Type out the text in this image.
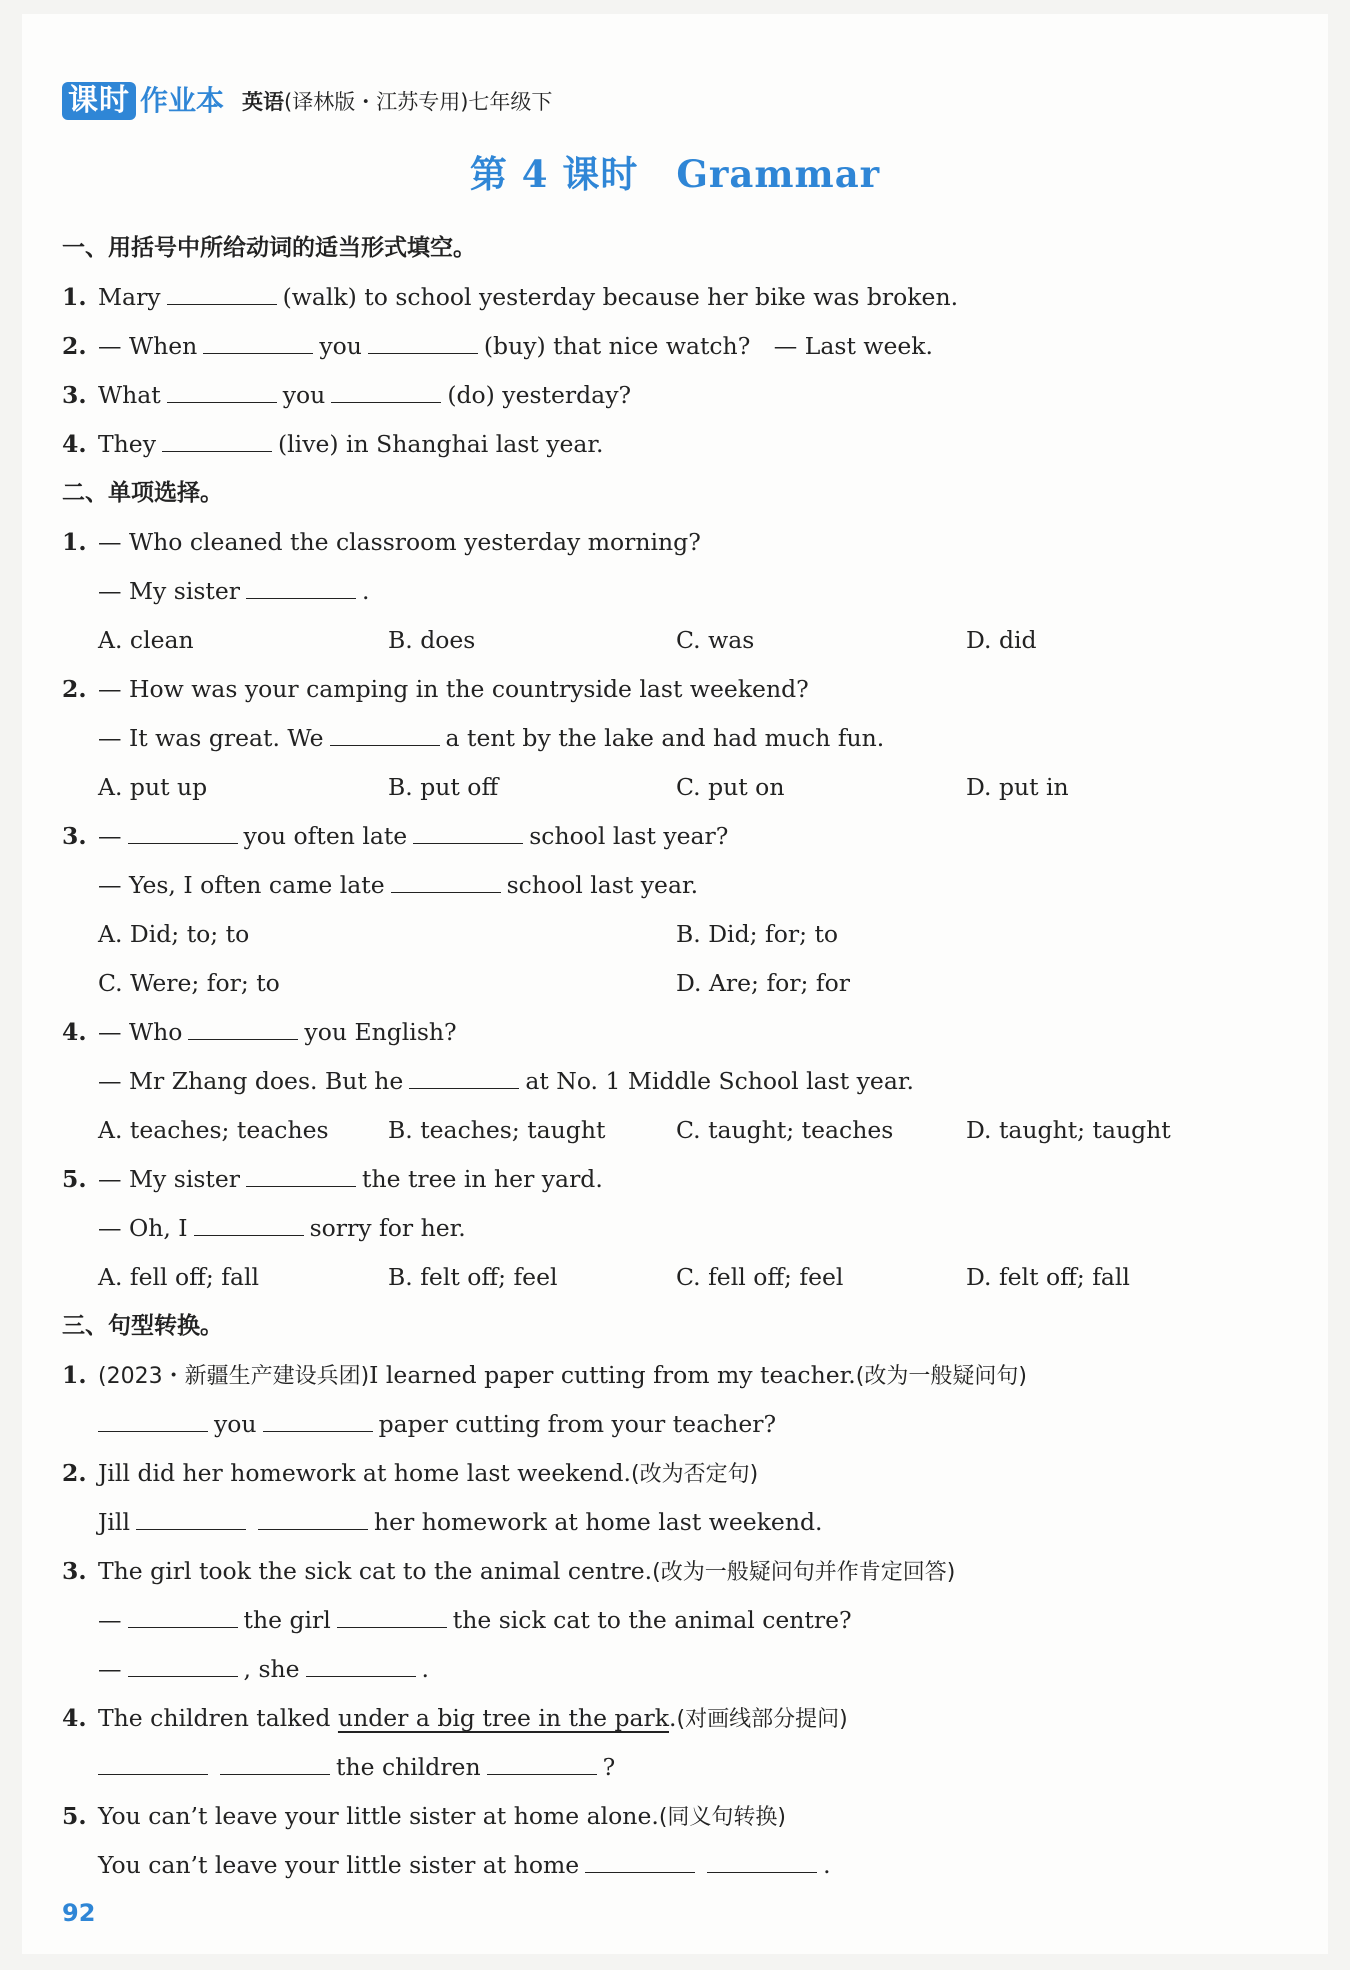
课时 作业本 英语(译林版・江苏专用)七年级下
第 4 课时　Grammar
一、用括号中所给动词的适当形式填空。
1. Mary	(walk) to school yesterday because her bike was broken.
2. — When	you	(buy) that nice watch?　— Last week.
3. What	you	(do) yesterday?
4. They	(live) in Shanghai last year.
二、单项选择。
1. — Who cleaned the classroom yesterday morning?
— My sister	.
A. clean	B. does	C. was	D. did
2. — How was your camping in the countryside last weekend?
— It was great. We	a tent by the lake and had much fun.
A. put up	B. put off	C. put on	D. put in
3. —	you often late	school last year?
— Yes, I often came late	school last year.
A. Did; to; to	B. Did; for; to
C. Were; for; to	D. Are; for; for
4. — Who	you English?
— Mr Zhang does. But he	at No. 1 Middle School last year.
A. teaches; teaches	B. teaches; taught	C. taught; teaches	D. taught; taught
5. — My sister	the tree in her yard.
— Oh, I	sorry for her.
A. fell off; fall	B. felt off; feel	C. fell off; feel	D. felt off; fall
三、句型转换。
1. (2023・新疆生产建设兵团)I learned paper cutting from my teacher.(改为一般疑问句)
you	paper cutting from your teacher?
2. Jill did her homework at home last weekend.(改为否定句)
Jill	her homework at home last weekend.
3. The girl took the sick cat to the animal centre.(改为一般疑问句并作肯定回答)
—	the girl	the sick cat to the animal centre?
—	, she	.
4. The children talked under a big tree in the park.(对画线部分提问)
the children	?
5. You can’t leave your little sister at home alone.(同义句转换)
You can’t leave your little sister at home	.
92
